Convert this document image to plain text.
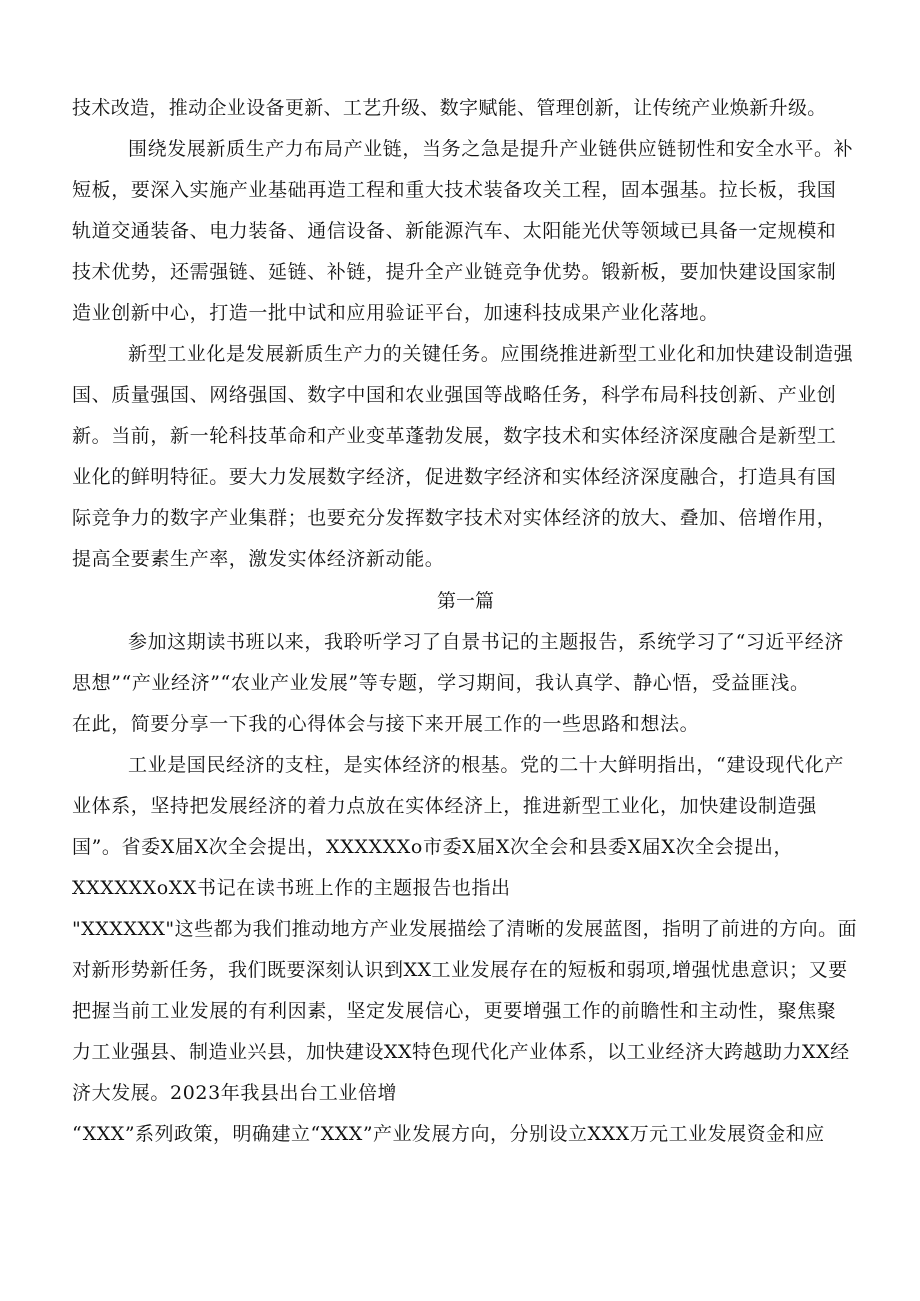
技术改造，推动企业设备更新、工艺升级、数字赋能、管理创新，让传统产业焕新升级。

围绕发展新质生产力布局产业链，当务之急是提升产业链供应链韧性和安全水平。补

短板，要深入实施产业基础再造工程和重大技术装备攻关工程，固本强基。拉长板，我国

轨道交通装备、电力装备、通信设备、新能源汽车、太阳能光伏等领域已具备一定规模和

技术优势，还需强链、延链、补链，提升全产业链竞争优势。锻新板，要加快建设国家制

造业创新中心，打造一批中试和应用验证平台，加速科技成果产业化落地。

新型工业化是发展新质生产力的关键任务。应围绕推进新型工业化和加快建设制造强

国、质量强国、网络强国、数字中国和农业强国等战略任务，科学布局科技创新、产业创

新。当前，新一轮科技革命和产业变革蓬勃发展，数字技术和实体经济深度融合是新型工

业化的鲜明特征。要大力发展数字经济，促进数字经济和实体经济深度融合，打造具有国

际竞争力的数字产业集群；也要充分发挥数字技术对实体经济的放大、叠加、倍增作用，

提高全要素生产率，激发实体经济新动能。

第一篇

参加这期读书班以来，我聆听学习了自景书记的主题报告，系统学习了“习近平经济

思想”“产业经济”“农业产业发展”等专题，学习期间，我认真学、静心悟，受益匪浅。

在此，简要分享一下我的心得体会与接下来开展工作的一些思路和想法。

工业是国民经济的支柱，是实体经济的根基。党的二十大鲜明指出，“建设现代化产

业体系，坚持把发展经济的着力点放在实体经济上，推进新型工业化，加快建设制造强

国”。省委X届X次全会提出，XXXXXXo市委X届X次全会和县委X届X次全会提出，

XXXXXXoXX书记在读书班上作的主题报告也指出

"XXXXXX"这些都为我们推动地方产业发展描绘了清晰的发展蓝图，指明了前进的方向。面

对新形势新任务，我们既要深刻认识到XX工业发展存在的短板和弱项,增强忧患意识；又要

把握当前工业发展的有利因素，坚定发展信心，更要增强工作的前瞻性和主动性，聚焦聚

力工业强县、制造业兴县，加快建设XX特色现代化产业体系，以工业经济大跨越助力XX经

济大发展。2023年我县出台工业倍增

“XXX”系列政策，明确建立“XXX”产业发展方向，分别设立XXX万元工业发展资金和应
